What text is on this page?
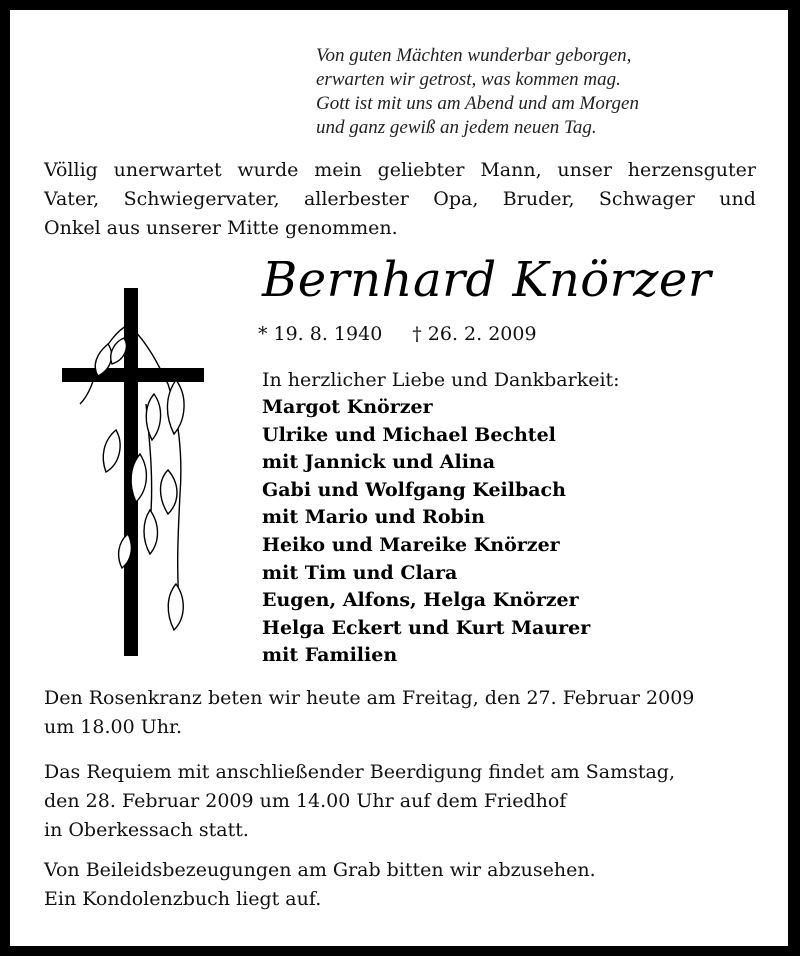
Von guten Mächten wunderbar geborgen,
erwarten wir getrost, was kommen mag.
Gott ist mit uns am Abend und am Morgen
und ganz gewiß an jedem neuen Tag.
Völlig unerwartet wurde mein geliebter Mann, unser herzensguter
Vater, Schwiegervater, allerbester Opa, Bruder, Schwager und
Onkel aus unserer Mitte genommen.
Bernhard Knörzer
* 19. 8. 1940 † 26. 2. 2009
In herzlicher Liebe und Dankbarkeit:
Margot Knörzer
Ulrike und Michael Bechtel
mit Jannick und Alina
Gabi und Wolfgang Keilbach
mit Mario und Robin
Heiko und Mareike Knörzer
mit Tim und Clara
Eugen, Alfons, Helga Knörzer
Helga Eckert und Kurt Maurer
mit Familien
Den Rosenkranz beten wir heute am Freitag, den 27. Februar 2009
um 18.00 Uhr.
Das Requiem mit anschließender Beerdigung findet am Samstag,
den 28. Februar 2009 um 14.00 Uhr auf dem Friedhof
in Oberkessach statt.
Von Beileidsbezeugungen am Grab bitten wir abzusehen.
Ein Kondolenzbuch liegt auf.
